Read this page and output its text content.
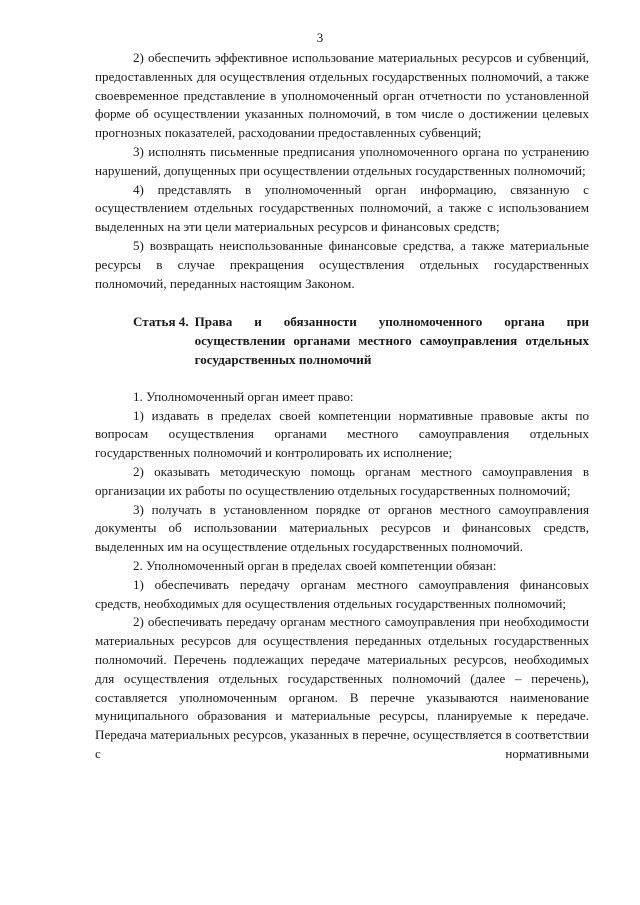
3

2) обеспечить эффективное использование материальных ресурсов и субвенций, предоставленных для осуществления отдельных государственных полномочий, а также своевременное представление в уполномоченный орган отчетности по установленной форме об осуществлении указанных полномочий, в том числе о достижении целевых прогнозных показателей, расходовании предоставленных субвенций;

3) исполнять письменные предписания уполномоченного органа по устранению нарушений, допущенных при осуществлении отдельных государственных полномочий;

4) представлять в уполномоченный орган информацию, связанную с осуществлением отдельных государственных полномочий, а также с использованием выделенных на эти цели материальных ресурсов и финансовых средств;

5) возвращать неиспользованные финансовые средства, а также материальные ресурсы в случае прекращения осуществления отдельных государственных полномочий, переданных настоящим Законом.

Статья 4. Права и обязанности уполномоченного органа при осуществлении органами местного самоуправления отдельных государственных полномочий

1. Уполномоченный орган имеет право:

1) издавать в пределах своей компетенции нормативные правовые акты по вопросам осуществления органами местного самоуправления отдельных государственных полномочий и контролировать их исполнение;

2) оказывать методическую помощь органам местного самоуправления в организации их работы по осуществлению отдельных государственных полномочий;

3) получать в установленном порядке от органов местного самоуправления документы об использовании материальных ресурсов и финансовых средств, выделенных им на осуществление отдельных государственных полномочий.

2. Уполномоченный орган в пределах своей компетенции обязан:

1) обеспечивать передачу органам местного самоуправления финансовых средств, необходимых для осуществления отдельных государственных полномочий;

2) обеспечивать передачу органам местного самоуправления при необходимости материальных ресурсов для осуществления переданных отдельных государственных полномочий. Перечень подлежащих передаче материальных ресурсов, необходимых для осуществления отдельных государственных полномочий (далее – перечень), составляется уполномоченным органом. В перечне указываются наименование муниципального образования и материальные ресурсы, планируемые к передаче. Передача материальных ресурсов, указанных в перечне, осуществляется в соответствии с нормативными
